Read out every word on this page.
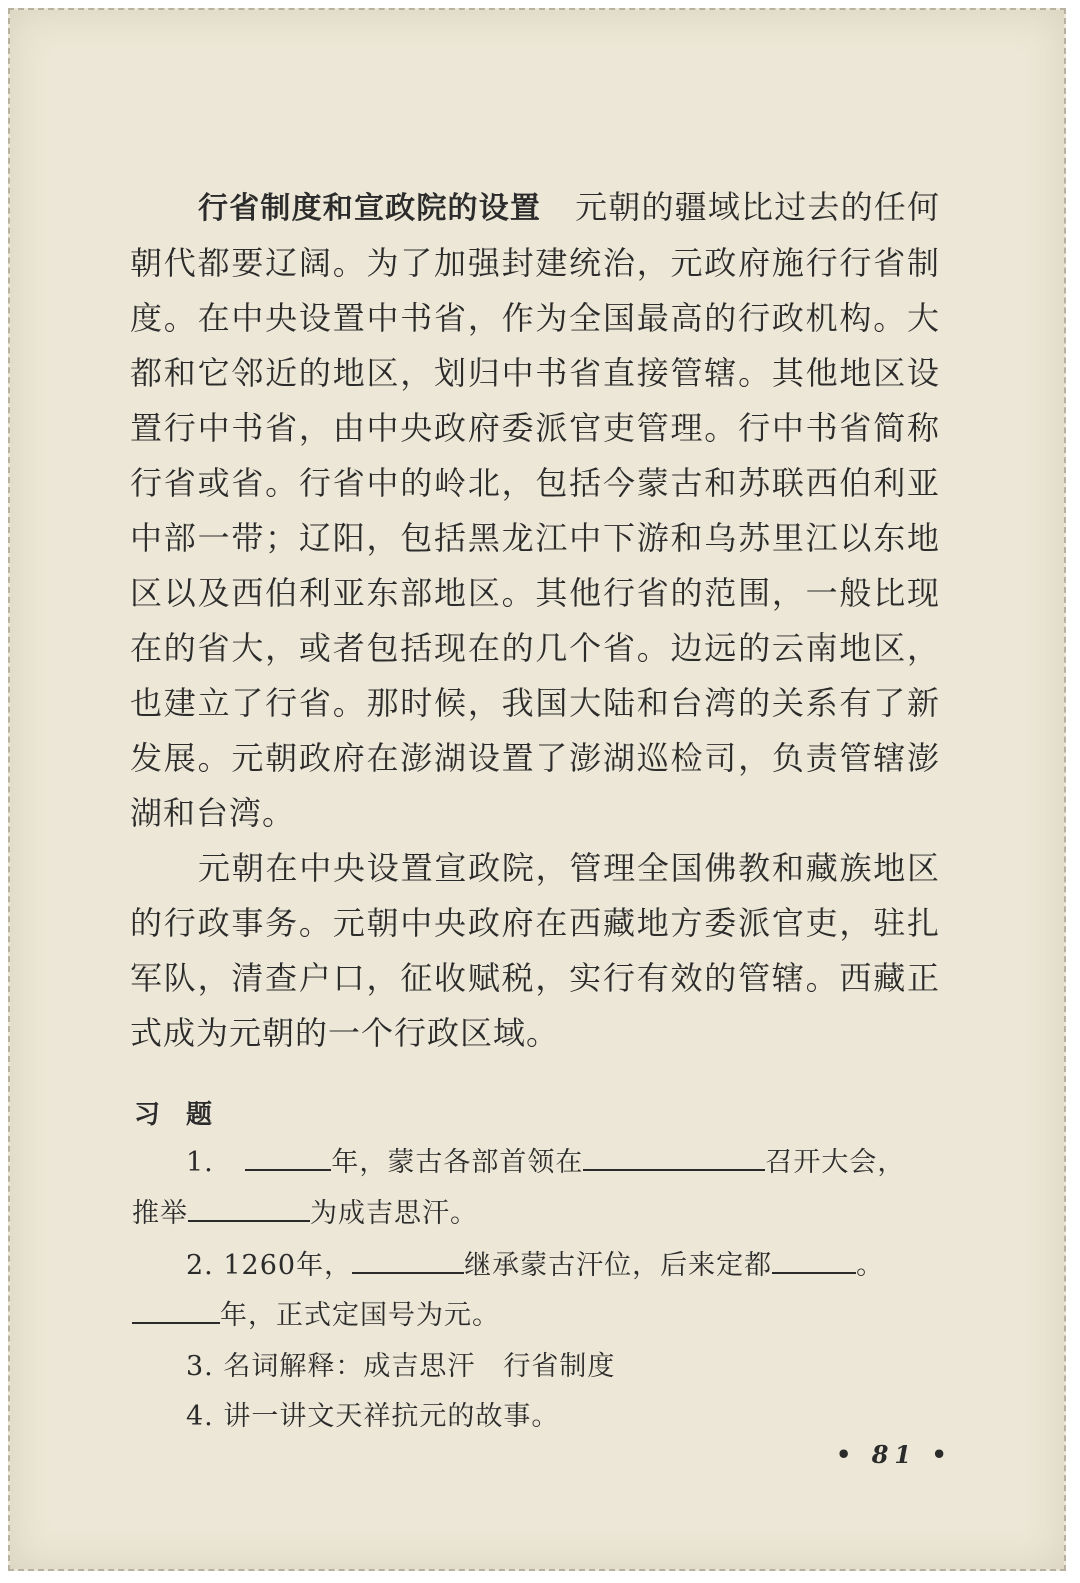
行省制度和宣政院的设置 元朝的疆域比过去的任何朝代都要辽阔。为了加强封建统治，元政府施行行省制度。在中央设置中书省，作为全国最高的行政机构。大都和它邻近的地区，划归中书省直接管辖。其他地区设置行中书省，由中央政府委派官吏管理。行中书省简称行省或省。行省中的岭北，包括今蒙古和苏联西伯利亚中部一带；辽阳，包括黑龙江中下游和乌苏里江以东地区以及西伯利亚东部地区。其他行省的范围，一般比现在的省大，或者包括现在的几个省。边远的云南地区，也建立了行省。那时候，我国大陆和台湾的关系有了新发展。元朝政府在澎湖设置了澎湖巡检司，负责管辖澎湖和台湾。

元朝在中央设置宣政院，管理全国佛教和藏族地区的行政事务。元朝中央政府在西藏地方委派官吏，驻扎军队，清查户口，征收赋税，实行有效的管辖。西藏正式成为元朝的一个行政区域。

习题
1.	年，蒙古各部首领在	召开大会，
推举	为成吉思汗。
2. 1260年，	继承蒙古汗位，后来定都	。
年，正式定国号为元。
3. 名词解释：成吉思汗　行省制度
4. 讲一讲文天祥抗元的故事。
• 81 •
